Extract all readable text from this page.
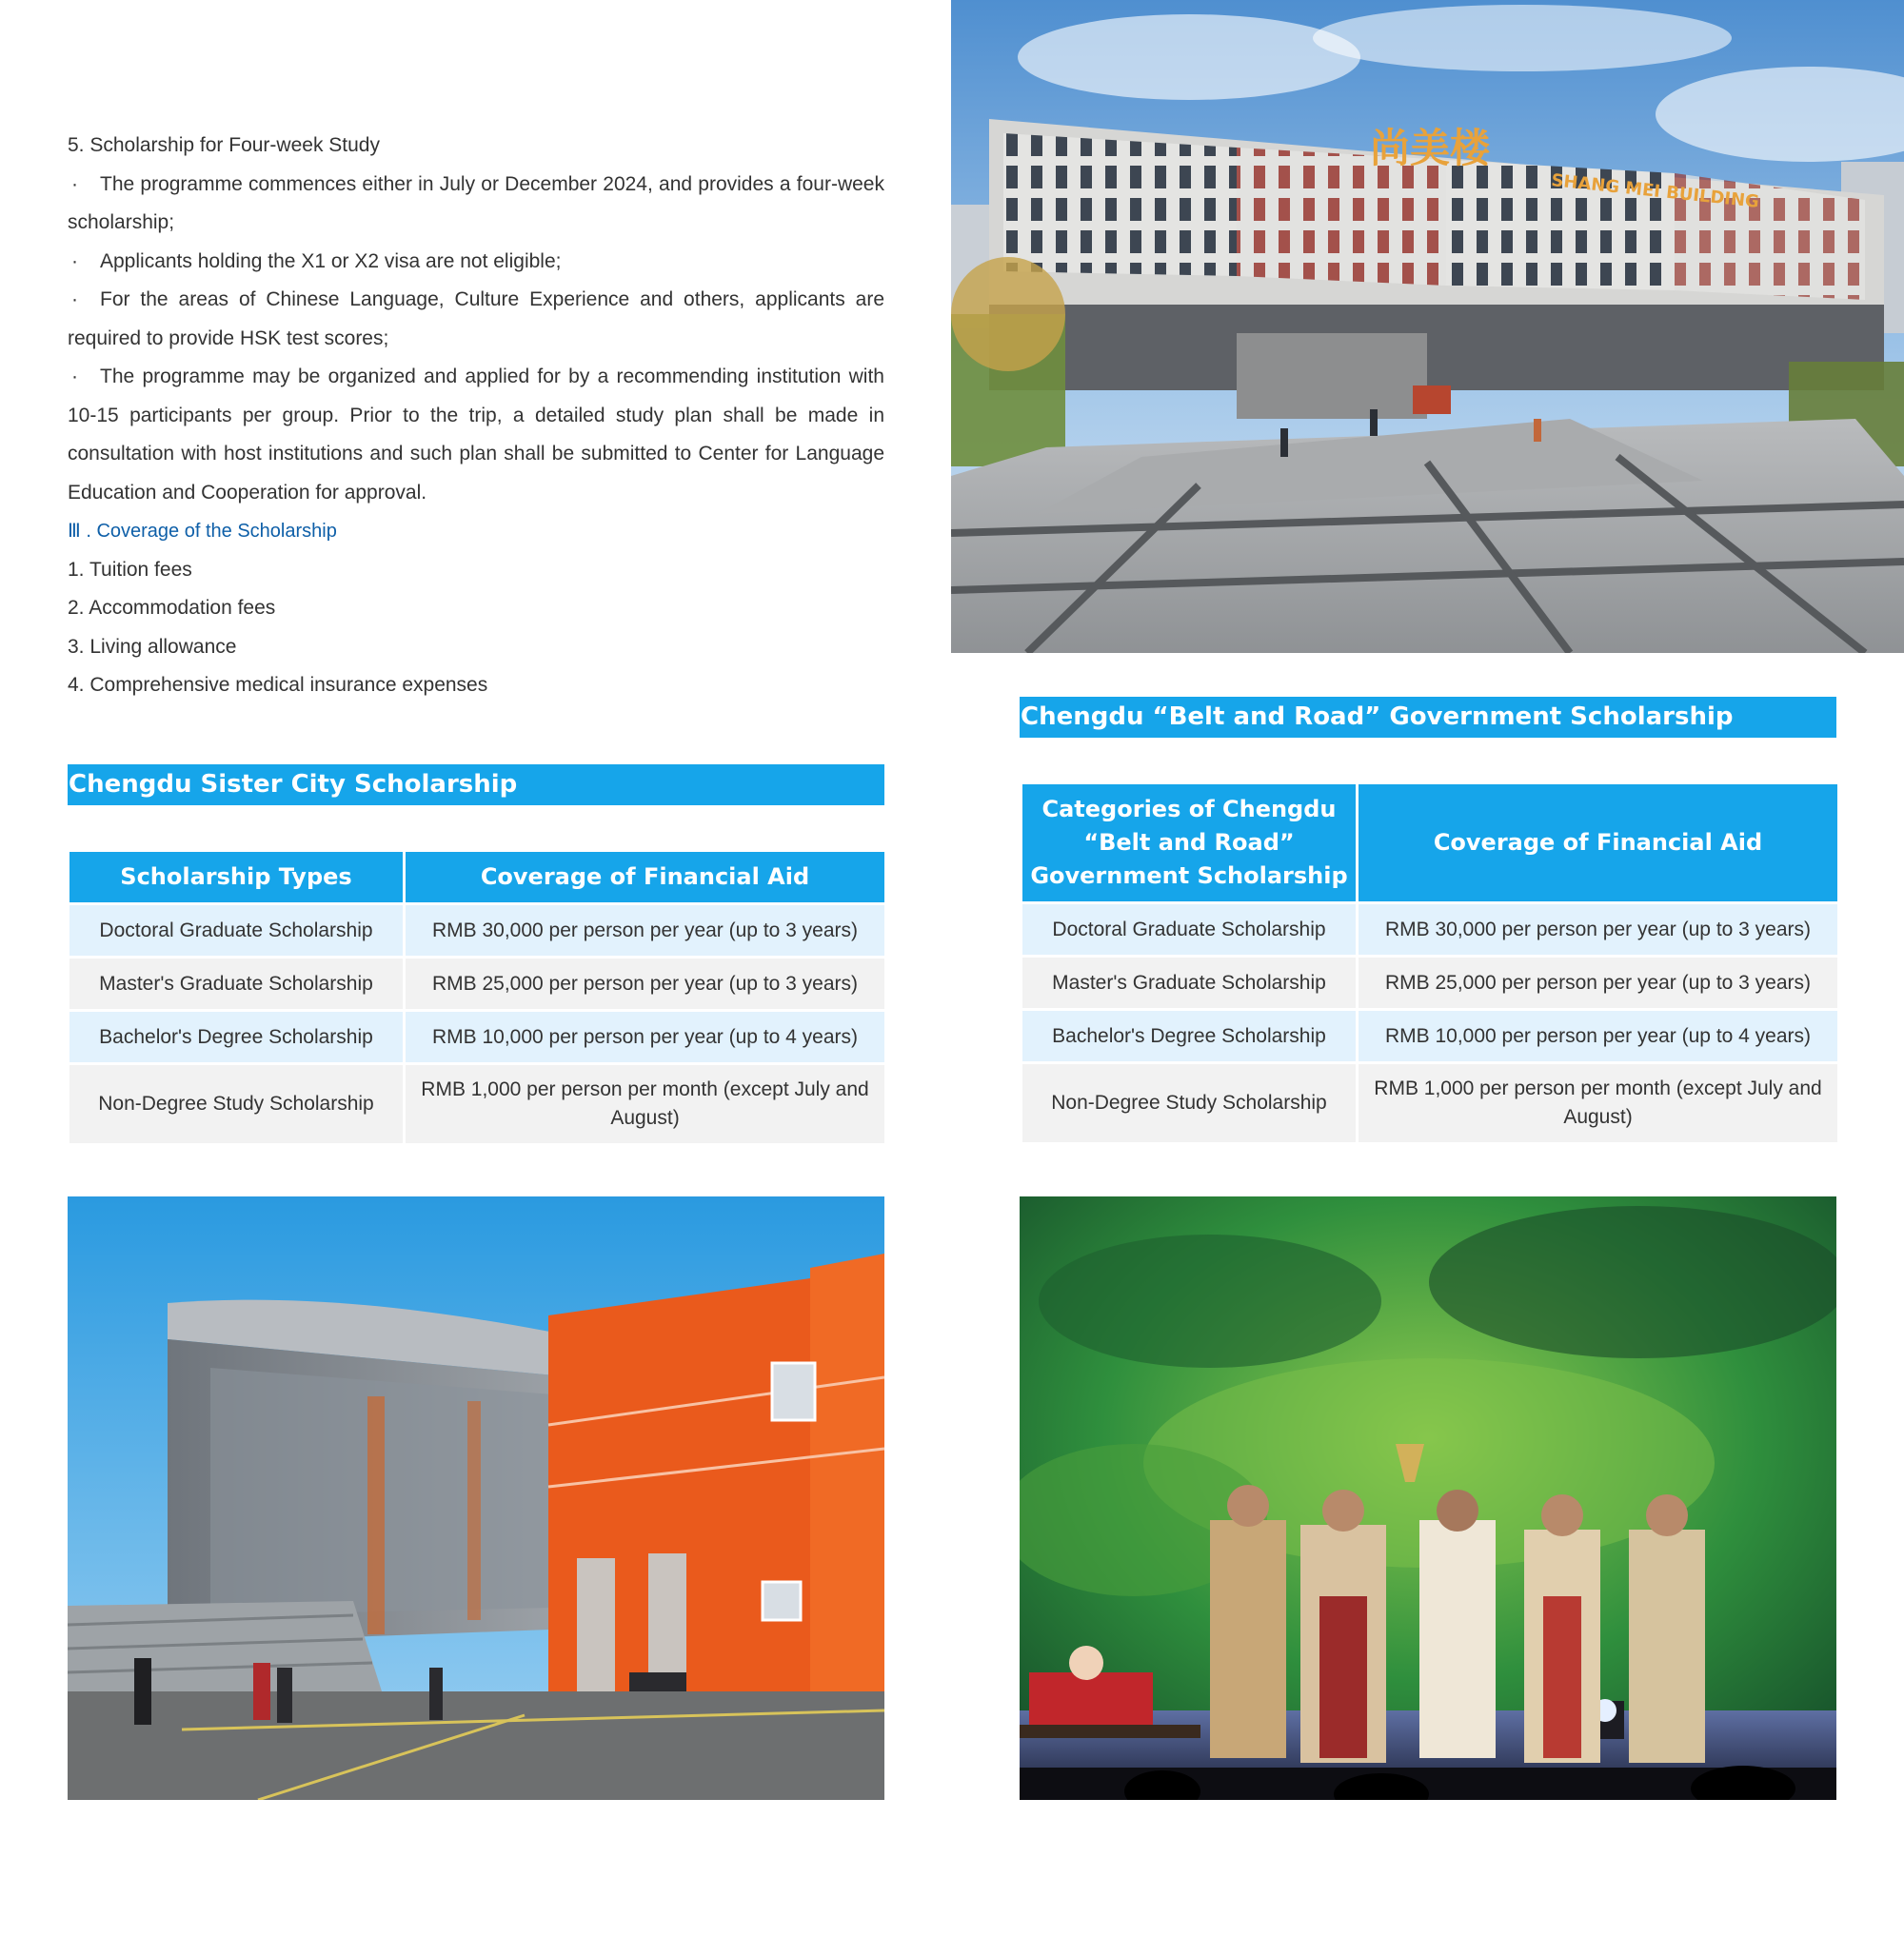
5. Scholarship for Four-week Study

· The programme commences either in July or December 2024, and provides a four-week scholarship;

· Applicants holding the X1 or X2 visa are not eligible;

· For the areas of Chinese Language, Culture Experience and others, applicants are required to provide HSK test scores;

· The programme may be organized and applied for by a recommending institution with 10-15 participants per group. Prior to the trip, a detailed study plan shall be made in consultation with host institutions and such plan shall be submitted to Center for Language Education and Cooperation for approval.

Ⅲ . Coverage of the Scholarship

1. Tuition fees

2. Accommodation fees

3. Living allowance

4. Comprehensive medical insurance expenses

Chengdu Sister City Scholarship
Scholarship Types	Coverage of Financial Aid
Doctoral Graduate Scholarship	RMB 30,000 per person per year (up to 3 years)
Master's Graduate Scholarship	RMB 25,000 per person per year (up to 3 years)
Bachelor's Degree Scholarship	RMB 10,000 per person per year (up to 4 years)
Non-Degree Study Scholarship	RMB 1,000 per person per month (except July and August)
Chengdu “Belt and Road” Government Scholarship
Categories of Chengdu “Belt and Road” Government Scholarship	Coverage of Financial Aid
Doctoral Graduate Scholarship	RMB 30,000 per person per year (up to 3 years)
Master's Graduate Scholarship	RMB 25,000 per person per year (up to 3 years)
Bachelor's Degree Scholarship	RMB 10,000 per person per year (up to 4 years)
Non-Degree Study Scholarship	RMB 1,000 per person per month (except July and August)
尚美楼
SHANG MEI BUILDING
